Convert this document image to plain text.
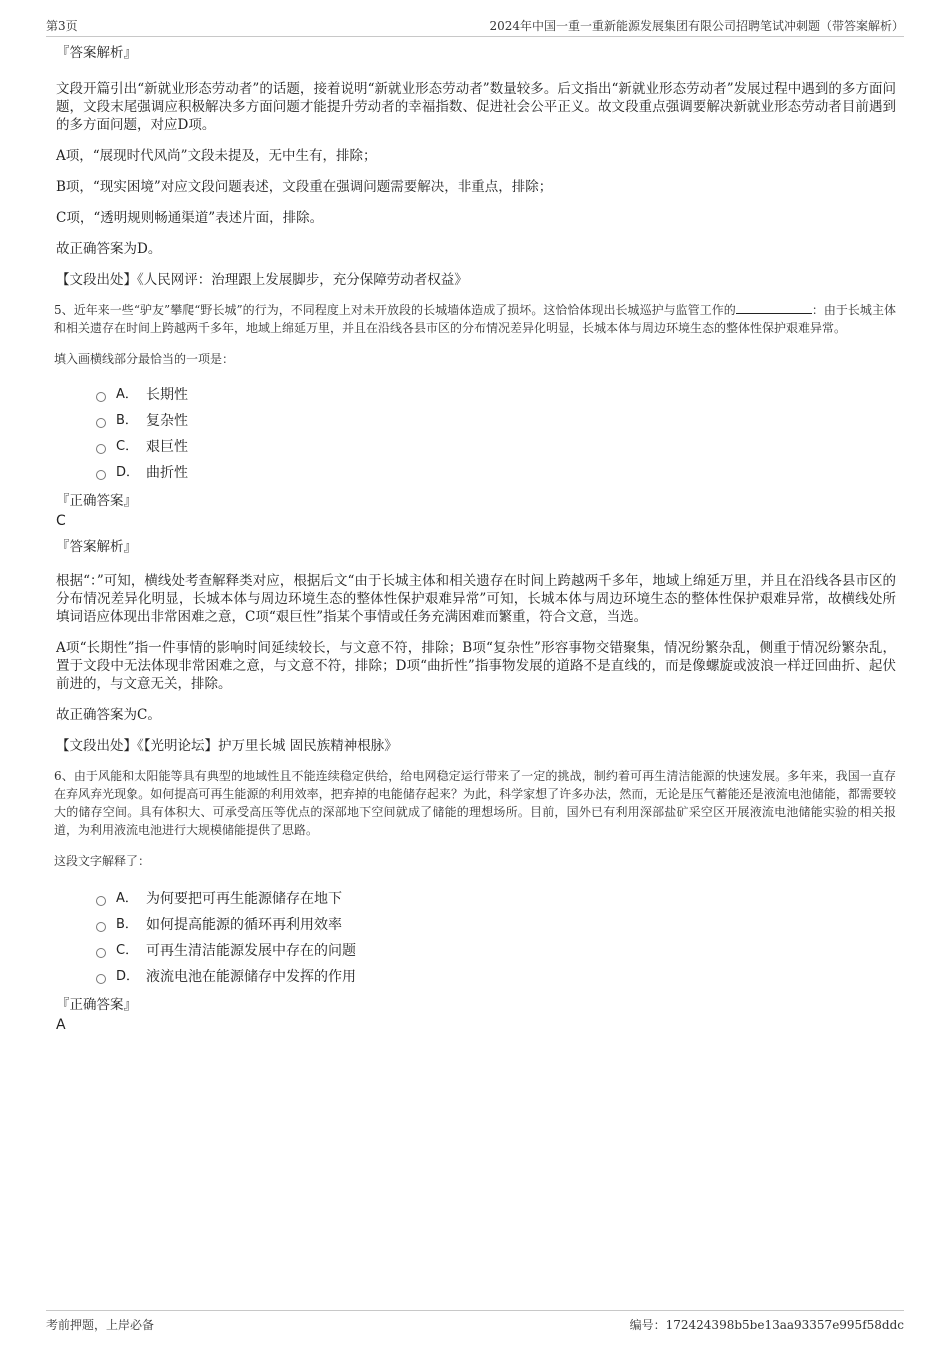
第3页	2024年中国一重一重新能源发展集团有限公司招聘笔试冲刺题（带答案解析）

『答案解析』

文段开篇引出“新就业形态劳动者”的话题，接着说明“新就业形态劳动者”数量较多。后文指出“新就业形态劳动者”发展过程中遇到的多方面问题，文段末尾强调应积极解决多方面问题才能提升劳动者的幸福指数、促进社会公平正义。故文段重点强调要解决新就业形态劳动者目前遇到的多方面问题，对应D项。

A项，“展现时代风尚”文段未提及，无中生有，排除；

B项，“现实困境”对应文段问题表述，文段重在强调问题需要解决，非重点，排除；

C项，“透明规则畅通渠道”表述片面，排除。

故正确答案为D。

【文段出处】《人民网评：治理跟上发展脚步，充分保障劳动者权益》

5、近年来一些“驴友”攀爬“野长城”的行为，不同程度上对未开放段的长城墙体造成了损坏。这恰恰体现出长城巡护与监管工作的	：由于长城主体和相关遗存在时间上跨越两千多年，地域上绵延万里，并且在沿线各县市区的分布情况差异化明显，长城本体与周边环境生态的整体性保护艰难异常。

填入画横线部分最恰当的一项是：

A． 长期性
B． 复杂性
C． 艰巨性
D． 曲折性

『正确答案』

C

『答案解析』

根据“：”可知，横线处考查解释类对应，根据后文“由于长城主体和相关遗存在时间上跨越两千多年，地域上绵延万里，并且在沿线各县市区的分布情况差异化明显，长城本体与周边环境生态的整体性保护艰难异常”可知，长城本体与周边环境生态的整体性保护艰难异常，故横线处所填词语应体现出非常困难之意，C项“艰巨性”指某个事情或任务充满困难而繁重，符合文意，当选。

A项“长期性”指一件事情的影响时间延续较长，与文意不符，排除；B项“复杂性”形容事物交错聚集，情况纷繁杂乱，侧重于情况纷繁杂乱，置于文段中无法体现非常困难之意，与文意不符，排除；D项“曲折性”指事物发展的道路不是直线的，而是像螺旋或波浪一样迂回曲折、起伏前进的，与文意无关，排除。

故正确答案为C。

【文段出处】《【光明论坛】护万里长城 固民族精神根脉》

6、由于风能和太阳能等具有典型的地域性且不能连续稳定供给，给电网稳定运行带来了一定的挑战，制约着可再生清洁能源的快速发展。多年来，我国一直存在弃风弃光现象。如何提高可再生能源的利用效率，把弃掉的电能储存起来？为此，科学家想了许多办法，然而，无论是压气蓄能还是液流电池储能，都需要较大的储存空间。具有体积大、可承受高压等优点的深部地下空间就成了储能的理想场所。目前，国外已有利用深部盐矿采空区开展液流电池储能实验的相关报道，为利用液流电池进行大规模储能提供了思路。

这段文字解释了：

A． 为何要把可再生能源储存在地下
B． 如何提高能源的循环再利用效率
C． 可再生清洁能源发展中存在的问题
D． 液流电池在能源储存中发挥的作用

『正确答案』

A

考前押题，上岸必备	编号：172424398b5be13aa93357e995f58ddc
